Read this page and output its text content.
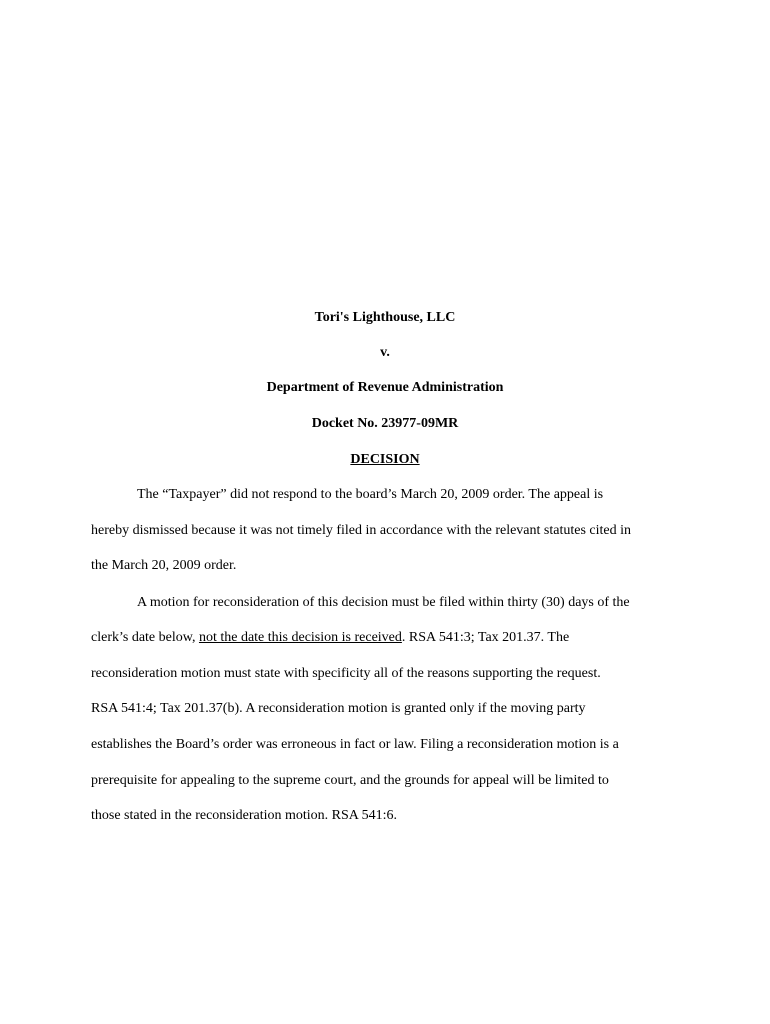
Tori's Lighthouse, LLC
v.
Department of Revenue Administration
Docket No. 23977-09MR
DECISION
The “Taxpayer” did not respond to the board’s March 20, 2009 order. The appeal is
hereby dismissed because it was not timely filed in accordance with the relevant statutes cited in
the March 20, 2009 order.
A motion for reconsideration of this decision must be filed within thirty (30) days of the
clerk’s date below, not the date this decision is received. RSA 541:3; Tax 201.37. The
reconsideration motion must state with specificity all of the reasons supporting the request.
RSA 541:4; Tax 201.37(b). A reconsideration motion is granted only if the moving party
establishes the Board’s order was erroneous in fact or law. Filing a reconsideration motion is a
prerequisite for appealing to the supreme court, and the grounds for appeal will be limited to
those stated in the reconsideration motion. RSA 541:6.
